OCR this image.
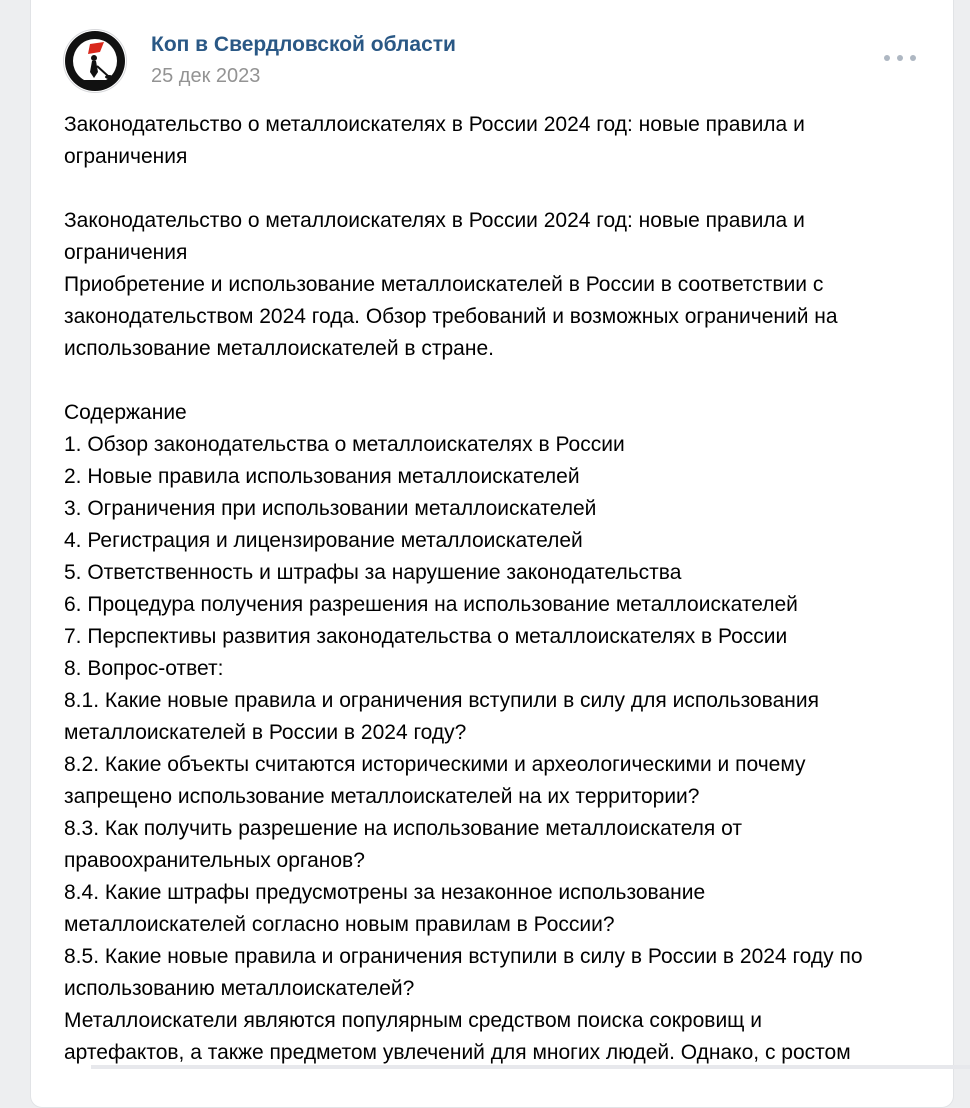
Коп в Свердловской области
25 дек 2023
Законодательство о металлоискателях в России 2024 год: новые правила и
ограничения
Законодательство о металлоискателях в России 2024 год: новые правила и
ограничения
Приобретение и использование металлоискателей в России в соответствии с
законодательством 2024 года. Обзор требований и возможных ограничений на
использование металлоискателей в стране.
Содержание
1. Обзор законодательства о металлоискателях в России
2. Новые правила использования металлоискателей
3. Ограничения при использовании металлоискателей
4. Регистрация и лицензирование металлоискателей
5. Ответственность и штрафы за нарушение законодательства
6. Процедура получения разрешения на использование металлоискателей
7. Перспективы развития законодательства о металлоискателях в России
8. Вопрос-ответ:
8.1. Какие новые правила и ограничения вступили в силу для использования
металлоискателей в России в 2024 году?
8.2. Какие объекты считаются историческими и археологическими и почему
запрещено использование металлоискателей на их территории?
8.3. Как получить разрешение на использование металлоискателя от
правоохранительных органов?
8.4. Какие штрафы предусмотрены за незаконное использование
металлоискателей согласно новым правилам в России?
8.5. Какие новые правила и ограничения вступили в силу в России в 2024 году по
использованию металлоискателей?
Металлоискатели являются популярным средством поиска сокровищ и
артефактов, а также предметом увлечений для многих людей. Однако, с ростом
